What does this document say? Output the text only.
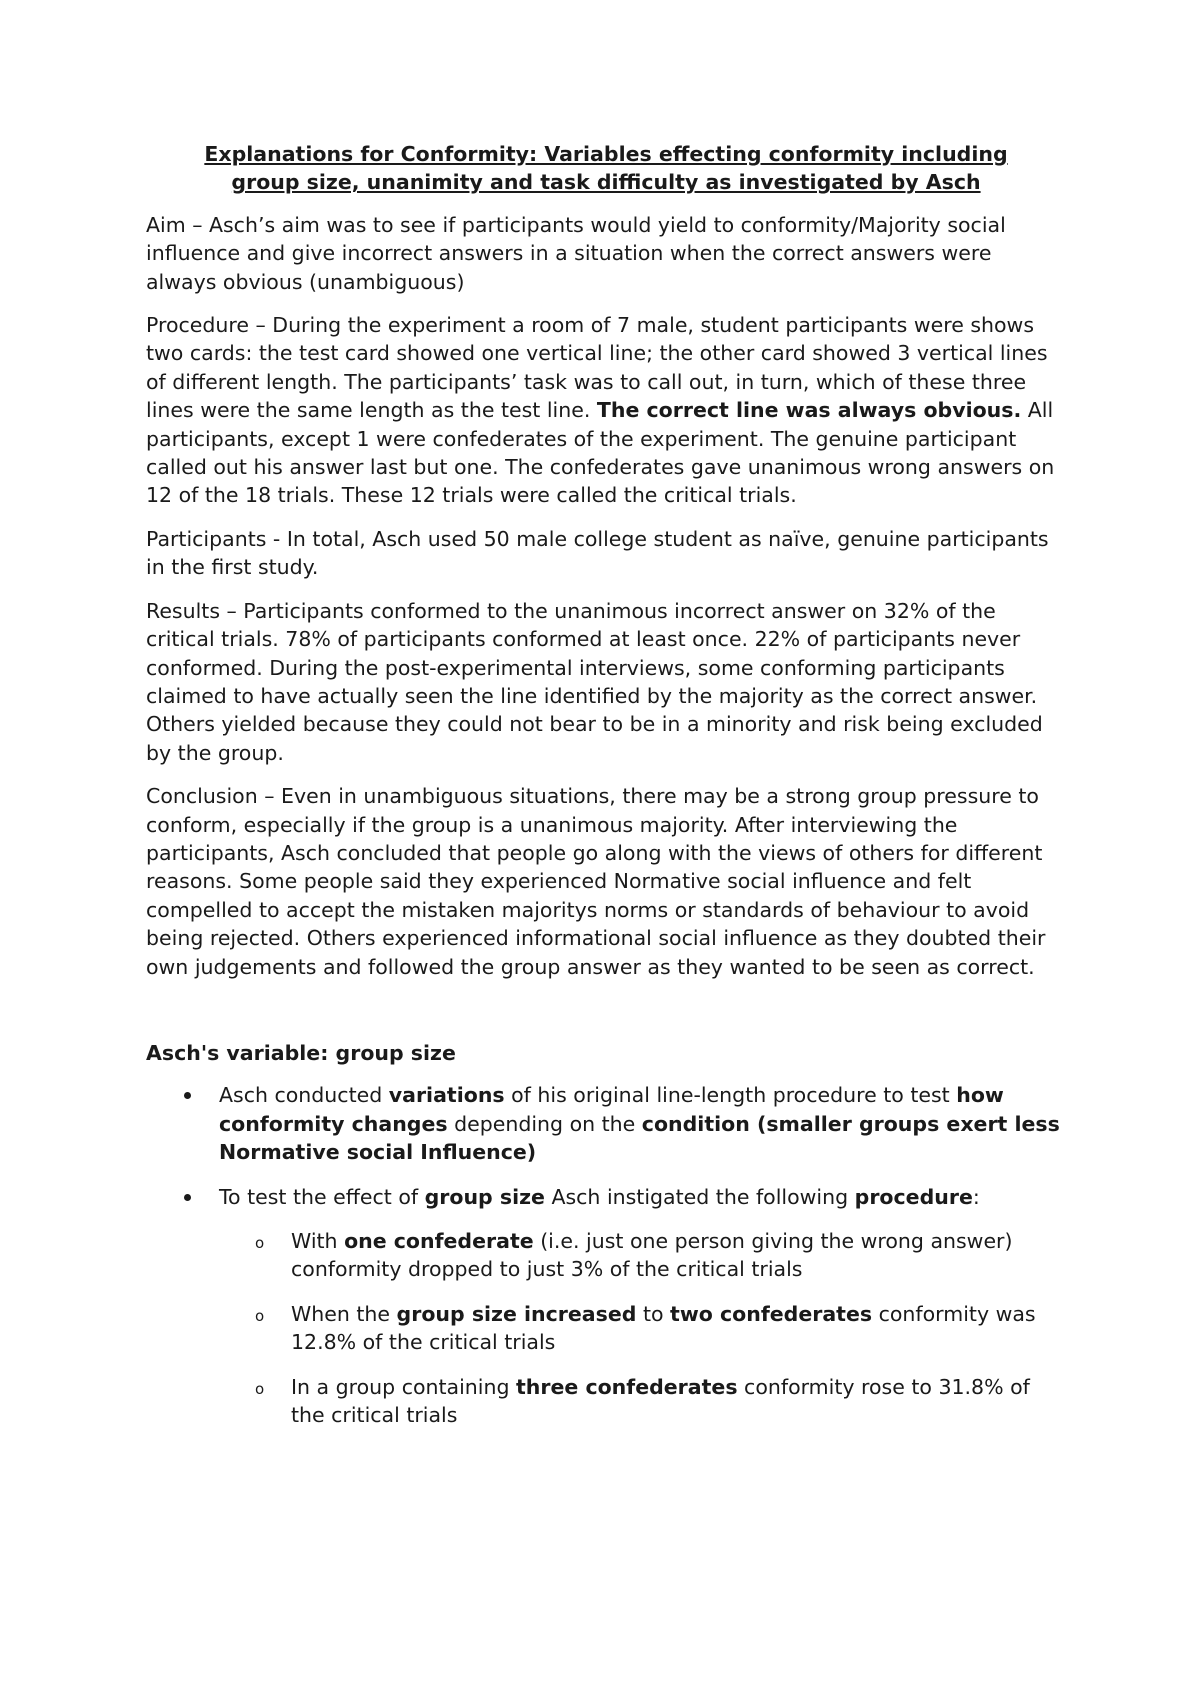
Explanations for Conformity: Variables effecting conformity including
group size, unanimity and task difficulty as investigated by Asch

Aim – Asch’s aim was to see if participants would yield to conformity/Majority social influence and give incorrect answers in a situation when the correct answers were always obvious (unambiguous)

Procedure – During the experiment a room of 7 male, student participants were shows two cards: the test card showed one vertical line; the other card showed 3 vertical lines of different length. The participants’ task was to call out, in turn, which of these three lines were the same length as the test line. The correct line was always obvious. All participants, except 1 were confederates of the experiment. The genuine participant called out his answer last but one. The confederates gave unanimous wrong answers on 12 of the 18 trials. These 12 trials were called the critical trials.

Participants - In total, Asch used 50 male college student as naïve, genuine participants in the first study.

Results – Participants conformed to the unanimous incorrect answer on 32% of the critical trials. 78% of participants conformed at least once. 22% of participants never conformed. During the post-experimental interviews, some conforming participants claimed to have actually seen the line identified by the majority as the correct answer. Others yielded because they could not bear to be in a minority and risk being excluded by the group.

Conclusion – Even in unambiguous situations, there may be a strong group pressure to conform, especially if the group is a unanimous majority. After interviewing the participants, Asch concluded that people go along with the views of others for different reasons. Some people said they experienced Normative social influence and felt compelled to accept the mistaken majoritys norms or standards of behaviour to avoid being rejected. Others experienced informational social influence as they doubted their own judgements and followed the group answer as they wanted to be seen as correct.

Asch's variable: group size
Asch conducted variations of his original line-length procedure to test how conformity changes depending on the condition (smaller groups exert less Normative social Influence)
To test the effect of group size Asch instigated the following procedure:
o With one confederate (i.e. just one person giving the wrong answer) conformity dropped to just 3% of the critical trials
o When the group size increased to two confederates conformity was 12.8% of the critical trials
o In a group containing three confederates conformity rose to 31.8% of the critical trials
